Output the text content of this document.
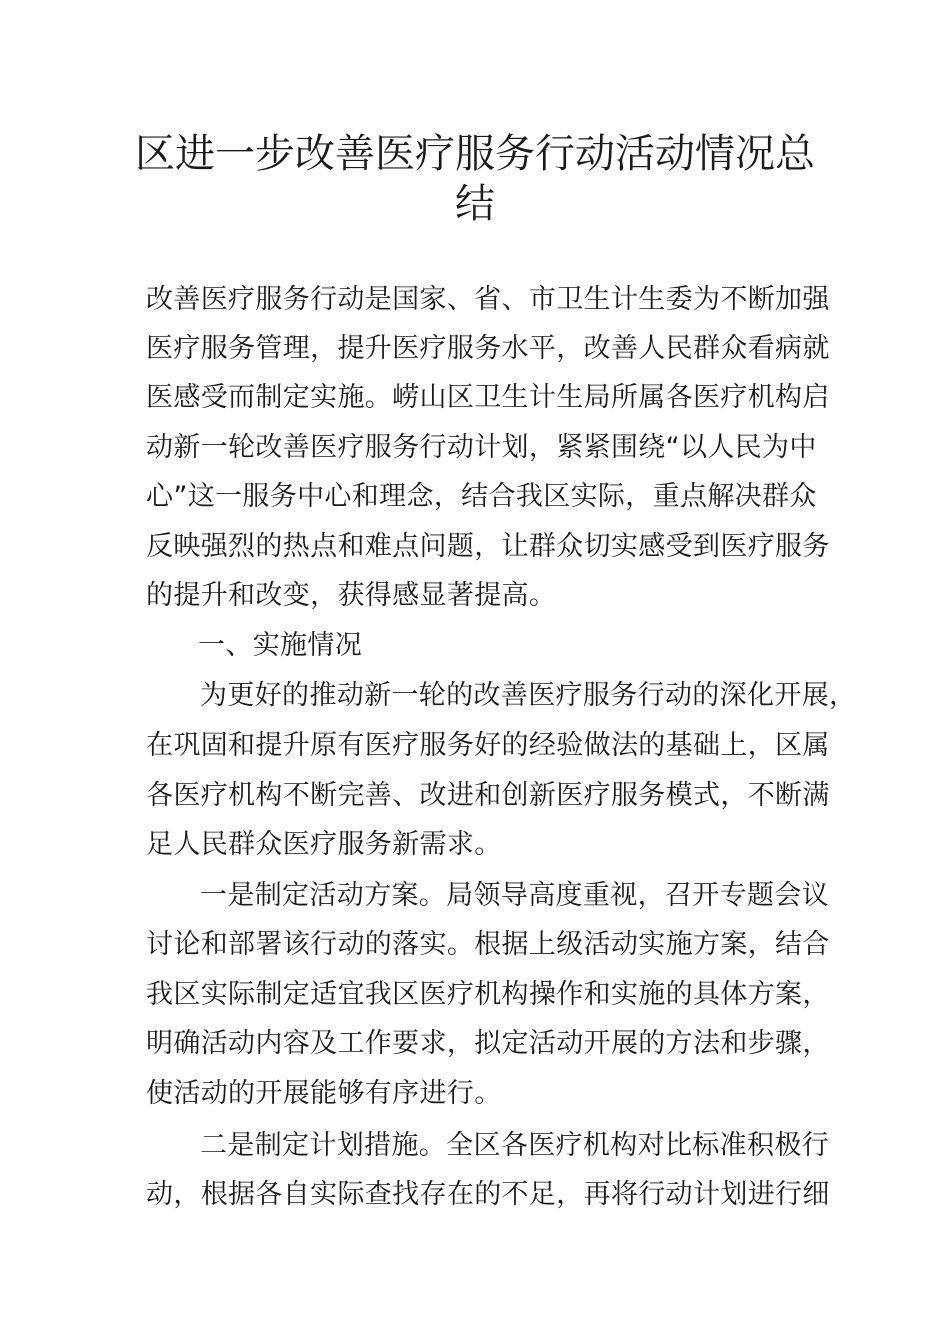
区进一步改善医疗服务行动活动情况总
结
改善医疗服务行动是国家、省、市卫生计生委为不断加强
医疗服务管理，提升医疗服务水平，改善人民群众看病就
医感受而制定实施。崂山区卫生计生局所属各医疗机构启
动新一轮改善医疗服务行动计划，紧紧围绕“以人民为中
心”这一服务中心和理念，结合我区实际，重点解决群众
反映强烈的热点和难点问题，让群众切实感受到医疗服务
的提升和改变，获得感显著提高。
一、实施情况
为更好的推动新一轮的改善医疗服务行动的深化开展，
在巩固和提升原有医疗服务好的经验做法的基础上，区属
各医疗机构不断完善、改进和创新医疗服务模式，不断满
足人民群众医疗服务新需求。
一是制定活动方案。局领导高度重视，召开专题会议
讨论和部署该行动的落实。根据上级活动实施方案，结合
我区实际制定适宜我区医疗机构操作和实施的具体方案，
明确活动内容及工作要求，拟定活动开展的方法和步骤，
使活动的开展能够有序进行。
二是制定计划措施。全区各医疗机构对比标准积极行
动，根据各自实际查找存在的不足，再将行动计划进行细
